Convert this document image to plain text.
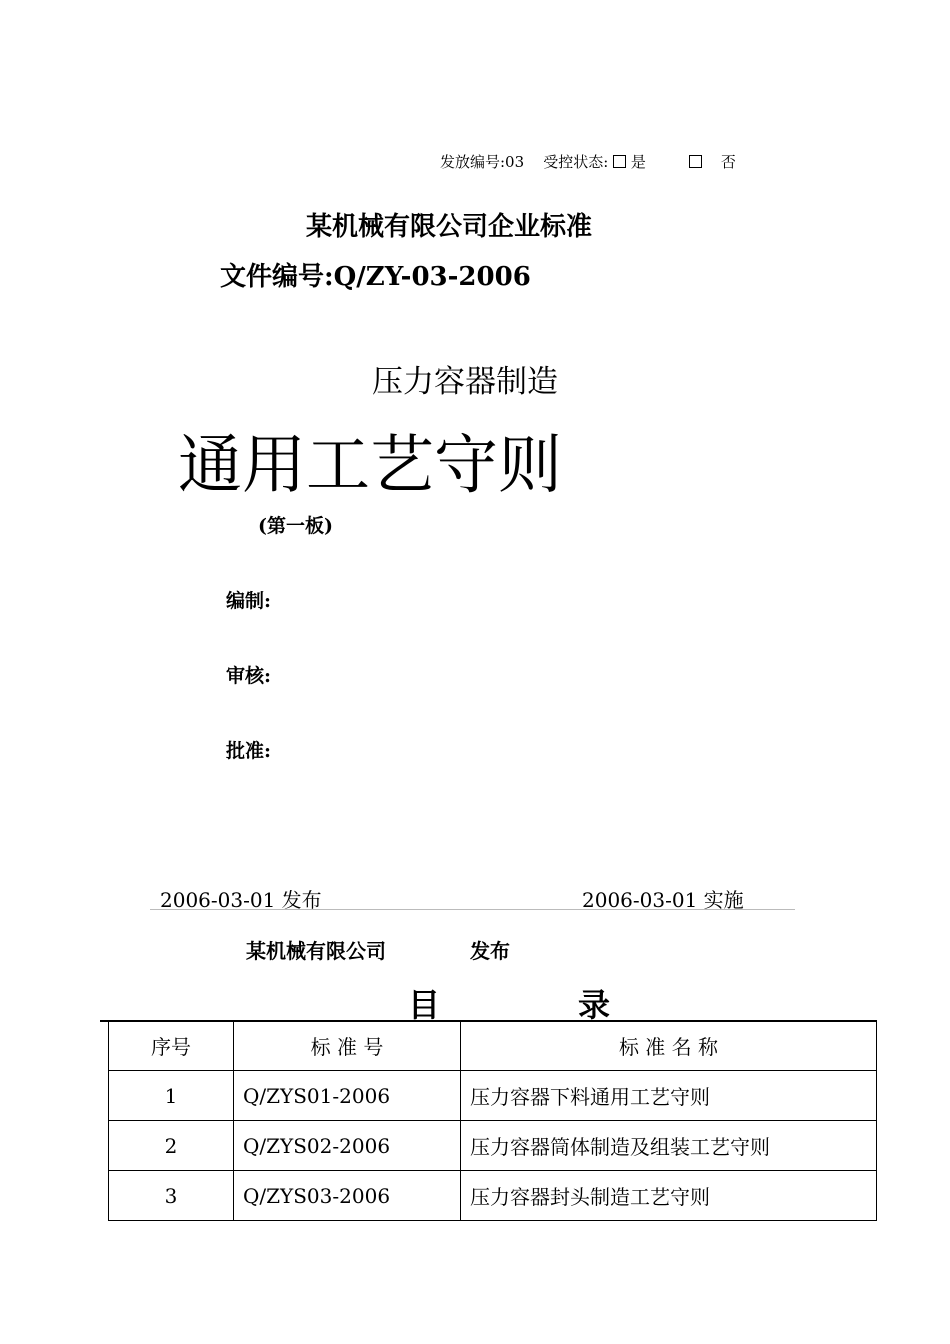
发放编号:03 受控状态: 是	否
某机械有限公司企业标准
文件编号:Q/ZY-03-2006
压力容器制造
通用工艺守则
(第一板)
编制:
审核:
批准:
2006-03-01 发布	2006-03-01 实施
某机械有限公司	发布
目	录
序号	标 准 号	标 准 名 称
1	Q/ZYS01-2006	压力容器下料通用工艺守则
2	Q/ZYS02-2006	压力容器筒体制造及组装工艺守则
3	Q/ZYS03-2006	压力容器封头制造工艺守则
